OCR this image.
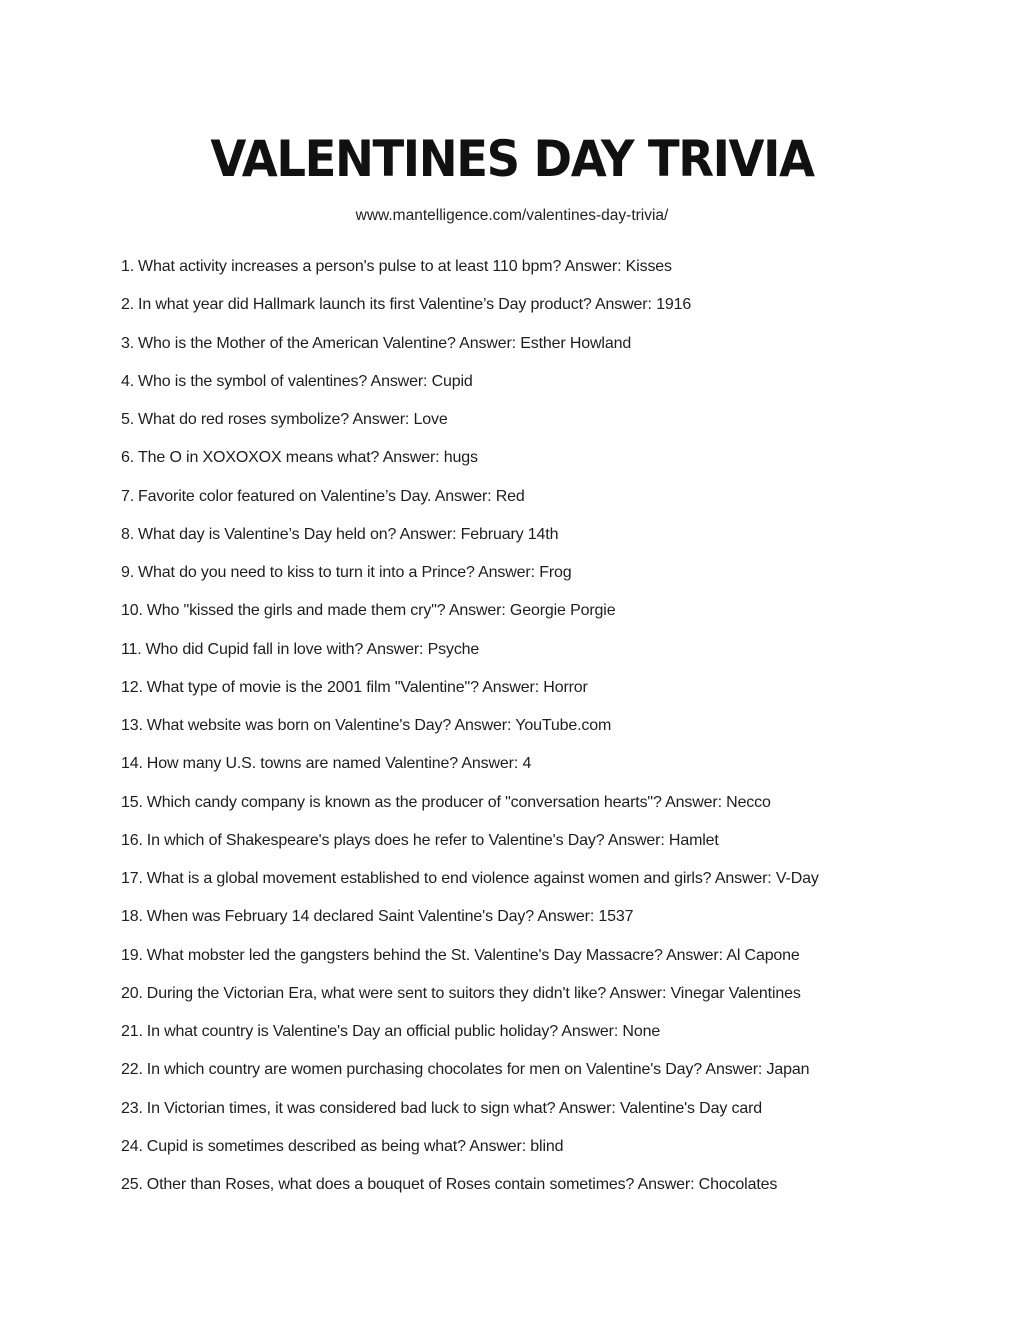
VALENTINES DAY TRIVIA
www.mantelligence.com/valentines-day-trivia/
1. What activity increases a person's pulse to at least 110 bpm? Answer: Kisses
2. In what year did Hallmark launch its first Valentine’s Day product? Answer: 1916
3. Who is the Mother of the American Valentine? Answer: Esther Howland
4. Who is the symbol of valentines? Answer: Cupid
5. What do red roses symbolize? Answer: Love
6. The O in XOXOXOX means what? Answer: hugs
7. Favorite color featured on Valentine’s Day. Answer: Red
8. What day is Valentine’s Day held on? Answer: February 14th
9. What do you need to kiss to turn it into a Prince? Answer: Frog
10. Who "kissed the girls and made them cry"? Answer: Georgie Porgie
11. Who did Cupid fall in love with? Answer: Psyche
12. What type of movie is the 2001 film "Valentine"? Answer: Horror
13. What website was born on Valentine's Day? Answer: YouTube.com
14. How many U.S. towns are named Valentine? Answer: 4
15. Which candy company is known as the producer of "conversation hearts"? Answer: Necco
16. In which of Shakespeare's plays does he refer to Valentine's Day? Answer: Hamlet
17. What is a global movement established to end violence against women and girls? Answer: V-Day
18. When was February 14 declared Saint Valentine's Day? Answer: 1537
19. What mobster led the gangsters behind the St. Valentine's Day Massacre? Answer: Al Capone
20. During the Victorian Era, what were sent to suitors they didn't like? Answer: Vinegar Valentines
21. In what country is Valentine's Day an official public holiday? Answer: None
22. In which country are women purchasing chocolates for men on Valentine's Day? Answer: Japan
23. In Victorian times, it was considered bad luck to sign what? Answer: Valentine's Day card
24. Cupid is sometimes described as being what? Answer: blind
25. Other than Roses, what does a bouquet of Roses contain sometimes? Answer: Chocolates
